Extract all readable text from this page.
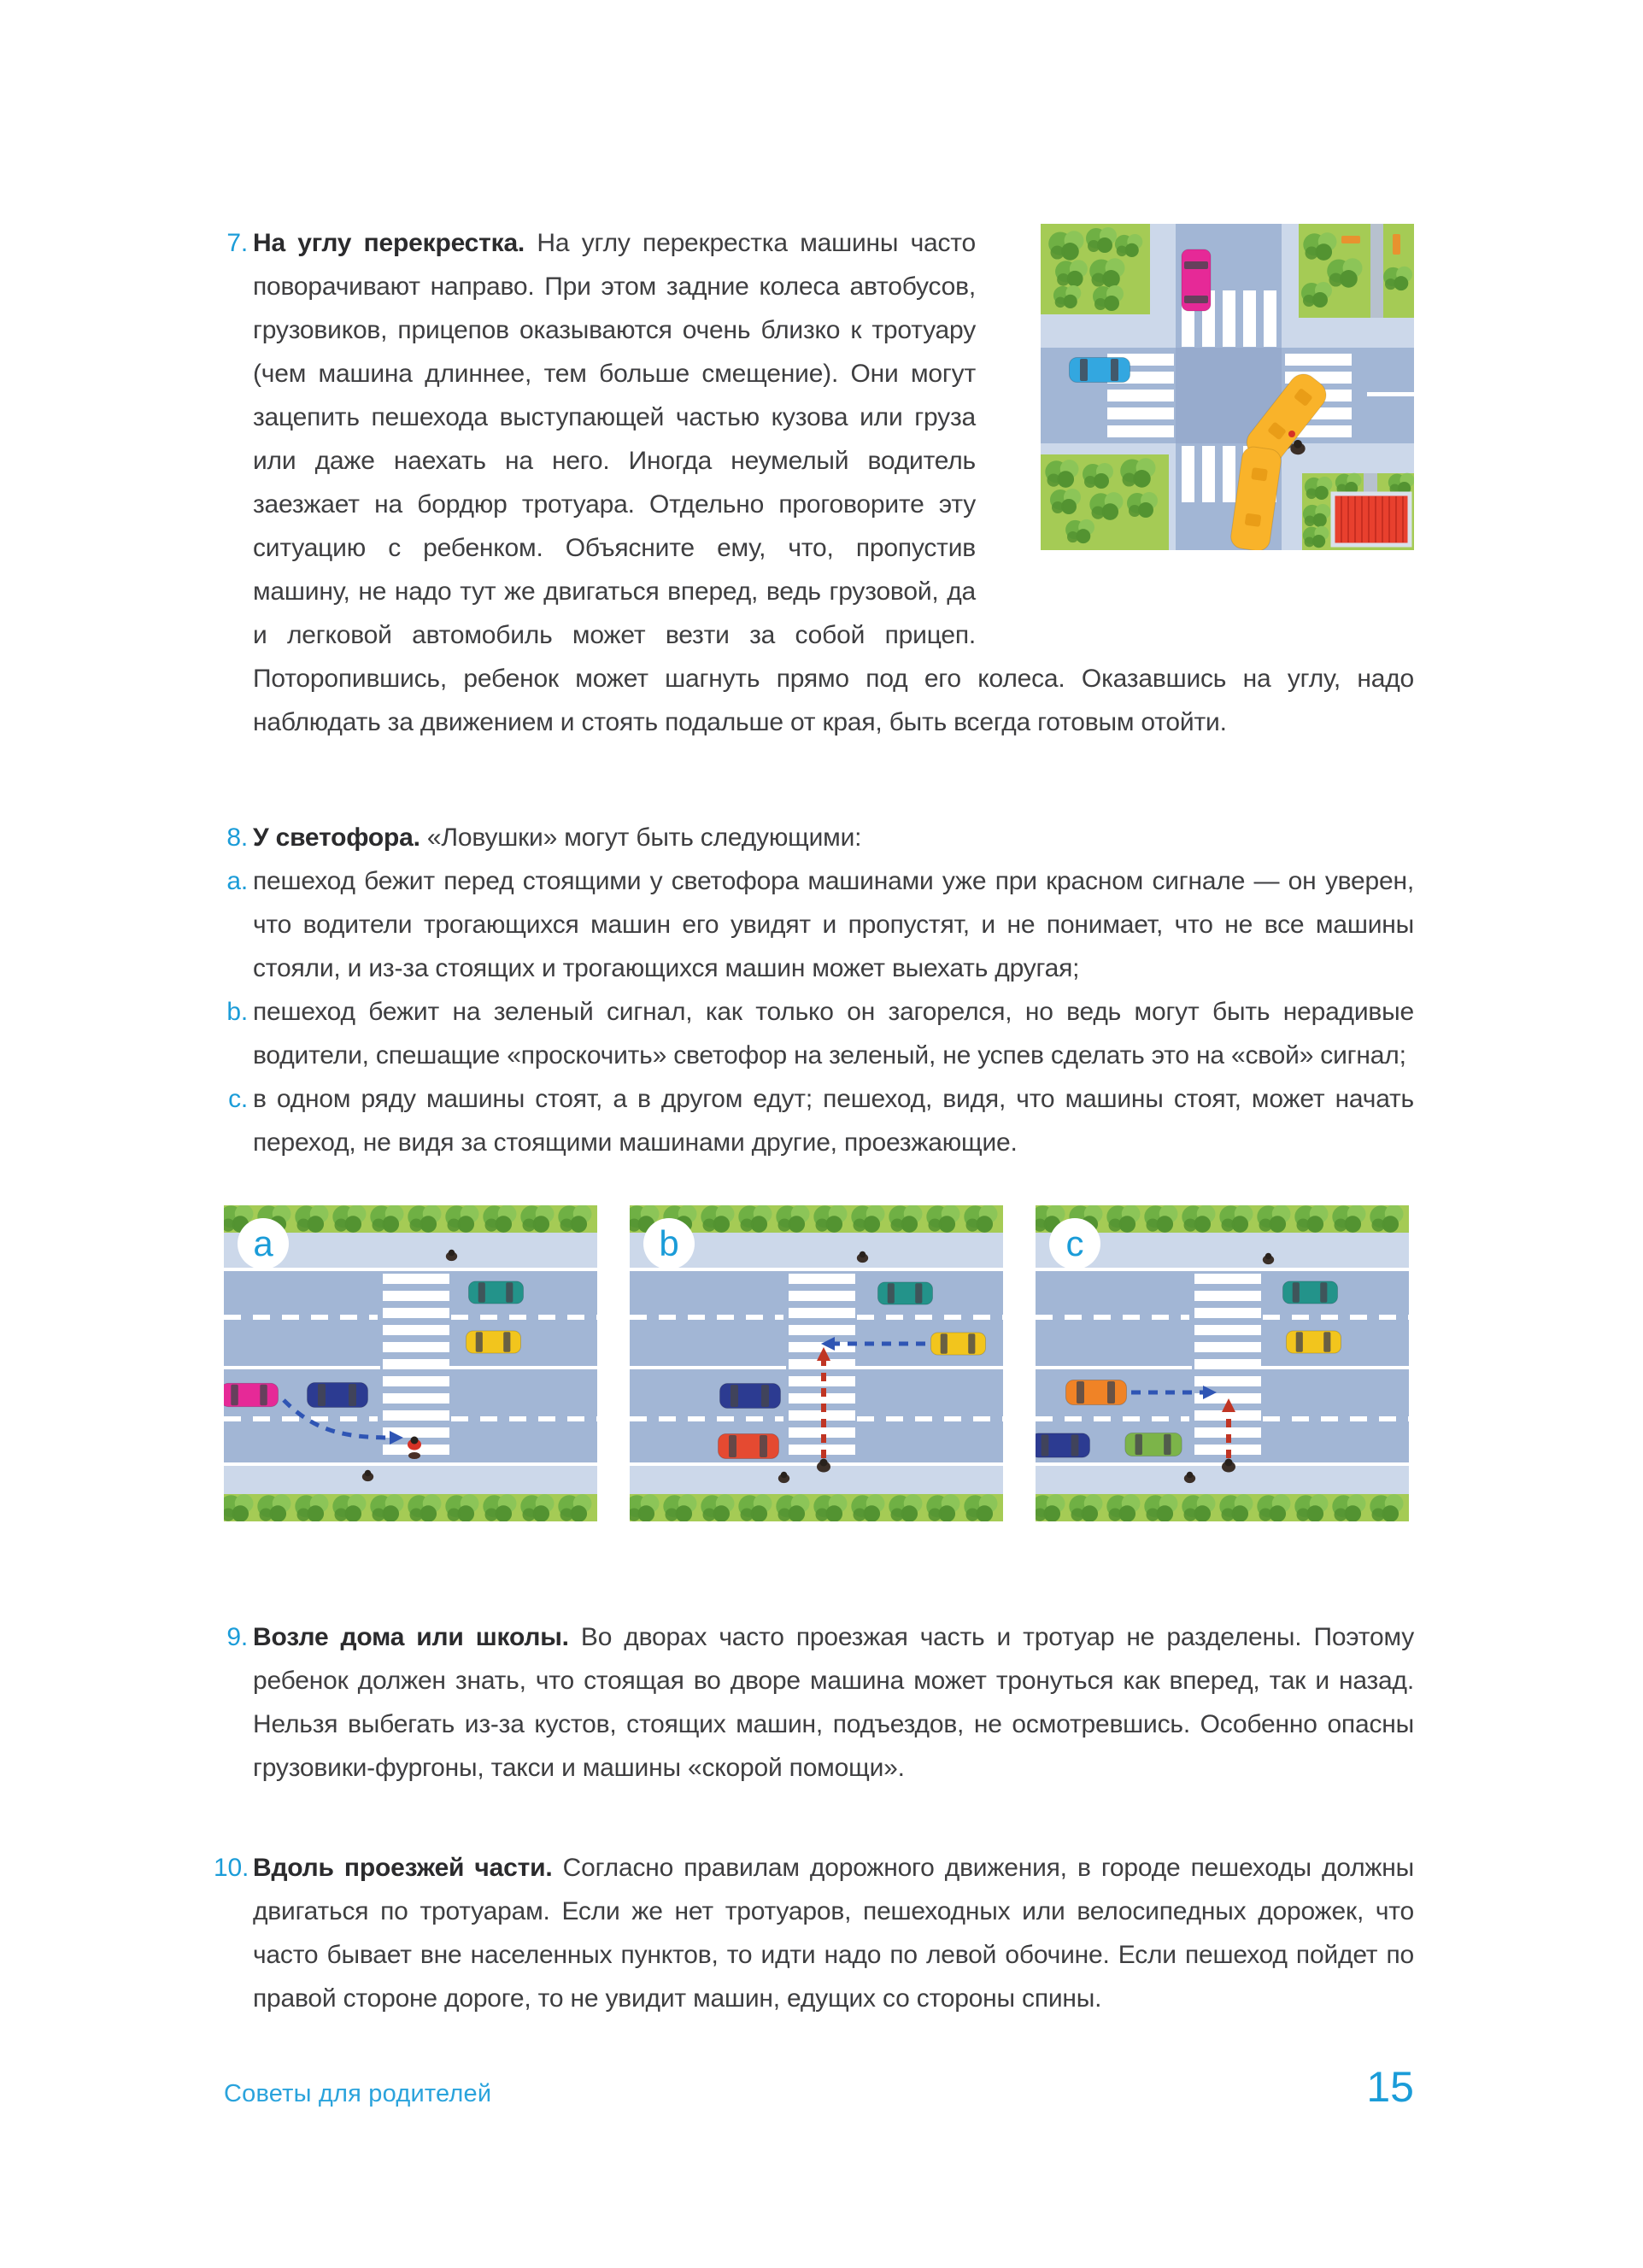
7. На углу перекрестка. На углу перекрестка машины часто поворачивают направо. При этом задние колеса автобусов, грузовиков, прицепов оказываются очень близко к тротуару (чем машина длиннее, тем больше смещение). Они могут зацепить пешехода выступающей частью кузова или груза или даже наехать на него. Иногда неумелый водитель заезжает на бордюр тротуара. Отдельно проговорите эту ситуацию с ребенком. Объясните ему, что, пропустив машину, не надо тут же двигаться вперед, ведь грузовой, да и легковой автомобиль может везти за собой прицеп. Поторопившись, ребенок может шагнуть прямо под его колеса. Оказавшись на углу, надо наблюдать за движением и стоять подальше от края, быть всегда готовым отойти.

8. У светофора. «Ловушки» могут быть следующими:

a. пешеход бежит перед стоящими у светофора машинами уже при красном сигнале — он уверен, что водители трогающихся машин его увидят и пропустят, и не понимает, что не все машины стояли, и из-за стоящих и трогающихся машин может выехать другая;
b. пешеход бежит на зеленый сигнал, как только он загорелся, но ведь могут быть нерадивые водители, спешащие «проскочить» светофор на зеленый, не успев сделать это на «свой» сигнал;
c. в одном ряду машины стоят, а в другом едут; пешеход, видя, что машины стоят, может начать переход, не видя за стоящими машинами другие, проезжающие.
a	b	c
9. Возле дома или школы. Во дворах часто проезжая часть и тротуар не разделены. Поэтому ребенок должен знать, что стоящая во дворе машина может тронуться как вперед, так и назад. Нельзя выбегать из-за кустов, стоящих машин, подъездов, не осмотревшись. Особенно опасны грузовики-фургоны, такси и машины «скорой помощи».

10. Вдоль проезжей части. Согласно правилам дорожного движения, в городе пешеходы должны двигаться по тротуарам. Если же нет тротуаров, пешеходных или велосипедных дорожек, что часто бывает вне населенных пунктов, то идти надо по левой обочине. Если пешеход пойдет по правой стороне дороге, то не увидит машин, едущих со стороны спины.

Советы для родителей	15
